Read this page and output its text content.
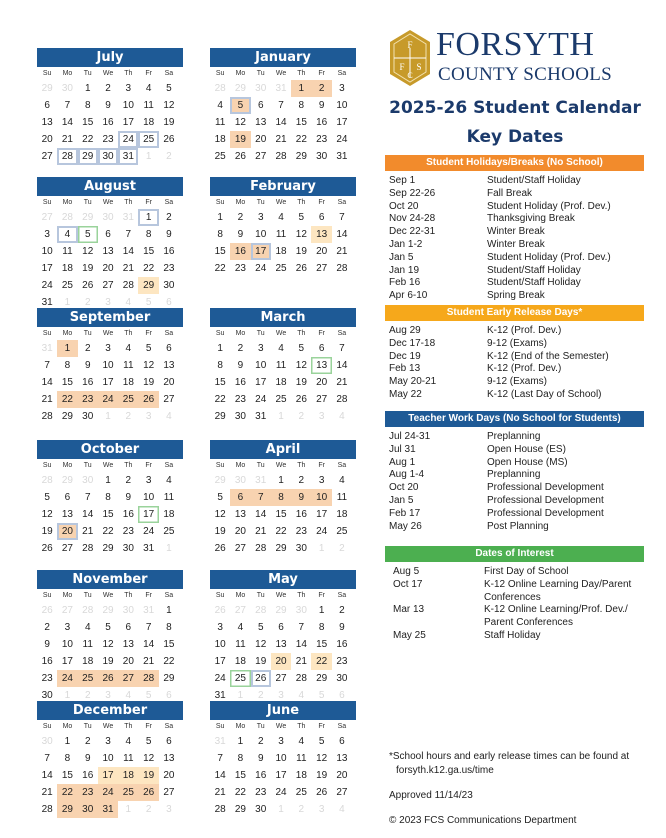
July
Su	Mo	Tu	We	Th	Fr	Sa
29 30	1	2	3	4	5
6	7	8	9	10 11 12
13 14 15 16 17 18 19
20 21 22 23 24 25 26
27 28 29 30 31	1	2
August
Su	Mo	Tu	We	Th	Fr	Sa
27 28 29 30 31	1	2
3	4	5	6	7	8	9
10 11 12 13 14 15 16
17 18 19 20 21 22 23
24 25 26 27 28 29 30
31	1	2	3	4	5	6
September
Su	Mo	Tu	We	Th	Fr	Sa
31	1	2	3	4	5	6
7	8	9	10 11 12 13
14 15 16 17 18 19 20
21 22 23 24 25 26 27
28 29 30	1	2	3	4
October
Su	Mo	Tu	We	Th	Fr	Sa
28 29 30	1	2	3	4
5	6	7	8	9	10 11
12 13 14 15 16 17 18
19 20 21 22 23 24 25
26 27 28 29 30 31	1
November
Su	Mo	Tu	We	Th	Fr	Sa
26 27 28 29 30 31	1
2	3	4	5	6	7	8
9	10 11 12 13 14 15
16 17 18 19 20 21 22
23 24 25 26 27 28 29
30	1	2	3	4	5	6
December
Su	Mo	Tu	We	Th	Fr	Sa
30	1	2	3	4	5	6
7	8	9	10 11 12 13
14 15 16 17 18 19 20
21 22 23 24 25 26 27
28 29 30 31	1	2	3
January
Su	Mo	Tu	We	Th	Fr	Sa
28 29 30 31	1	2	3
4	5	6	7	8	9	10
11 12 13 14 15 16 17
18 19 20 21 22 23 24
25 26 27 28 29 30 31
February
Su	Mo	Tu	We	Th	Fr	Sa
1	2	3	4	5	6	7
8	9	10 11 12 13 14
15 16 17 18 19 20 21
22 23 24 25 26 27 28
March
Su	Mo	Tu	We	Th	Fr	Sa
1	2	3	4	5	6	7
8	9	10 11 12 13 14
15 16 17 18 19 20 21
22 23 24 25 26 27 28
29 30 31	1	2	3	4
April
Su	Mo	Tu	We	Th	Fr	Sa
29 30 31	1	2	3	4
5	6	7	8	9	10 11
12 13 14 15 16 17 18
19 20 21 22 23 24 25
26 27 28 29 30	1	2
May
Su	Mo	Tu	We	Th	Fr	Sa
26 27 28 29 30	1	2
3	4	5	6	7	8	9
10 11 12 13 14 15 16
17 18 19 20 21 22 23
24 25 26 27 28 29 30
31	1	2	3	4	5	6
June
Su	Mo	Tu	We	Th	Fr	Sa
31	1	2	3	4	5	6
7	8	9	10 11 12 13
14 15 16 17 18 19 20
21 22 23 24 25 26 27
28 29 30	1	2	3	4
F
F
C
S
FORSYTH
COUNTY SCHOOLS
2025-26 Student Calendar
Key Dates
Student Holidays/Breaks (No School)
Sep 1	Student/Staff Holiday
Sep 22-26	Fall Break
Oct 20	Student Holiday (Prof. Dev.)
Nov 24-28	Thanksgiving Break
Dec 22-31	Winter Break
Jan 1-2	Winter Break
Jan 5	Student Holiday (Prof. Dev.)
Jan 19	Student/Staff Holiday
Feb 16	Student/Staff Holiday
Apr 6-10	Spring Break
Student Early Release Days*
Aug 29	K-12 (Prof. Dev.)
Dec 17-18	9-12 (Exams)
Dec 19	K-12 (End of the Semester)
Feb 13	K-12 (Prof. Dev.)
May 20-21	9-12 (Exams)
May 22	K-12 (Last Day of School)
Teacher Work Days (No School for Students)
Jul 24-31	Preplanning
Jul 31	Open House (ES)
Aug 1	Open House (MS)
Aug 1-4	Preplanning
Oct 20	Professional Development
Jan 5	Professional Development
Feb 17	Professional Development
May 26	Post Planning
Dates of Interest
Aug 5	First Day of School
Oct 17	K-12 Online Learning Day/Parent Conferences
Mar 13	K-12 Online Learning/Prof. Dev./ Parent Conferences
May 25	Staff Holiday
*School hours and early release times can be found at
forsyth.k12.ga.us/time
Approved 11/14/23
© 2023 FCS Communications Department
